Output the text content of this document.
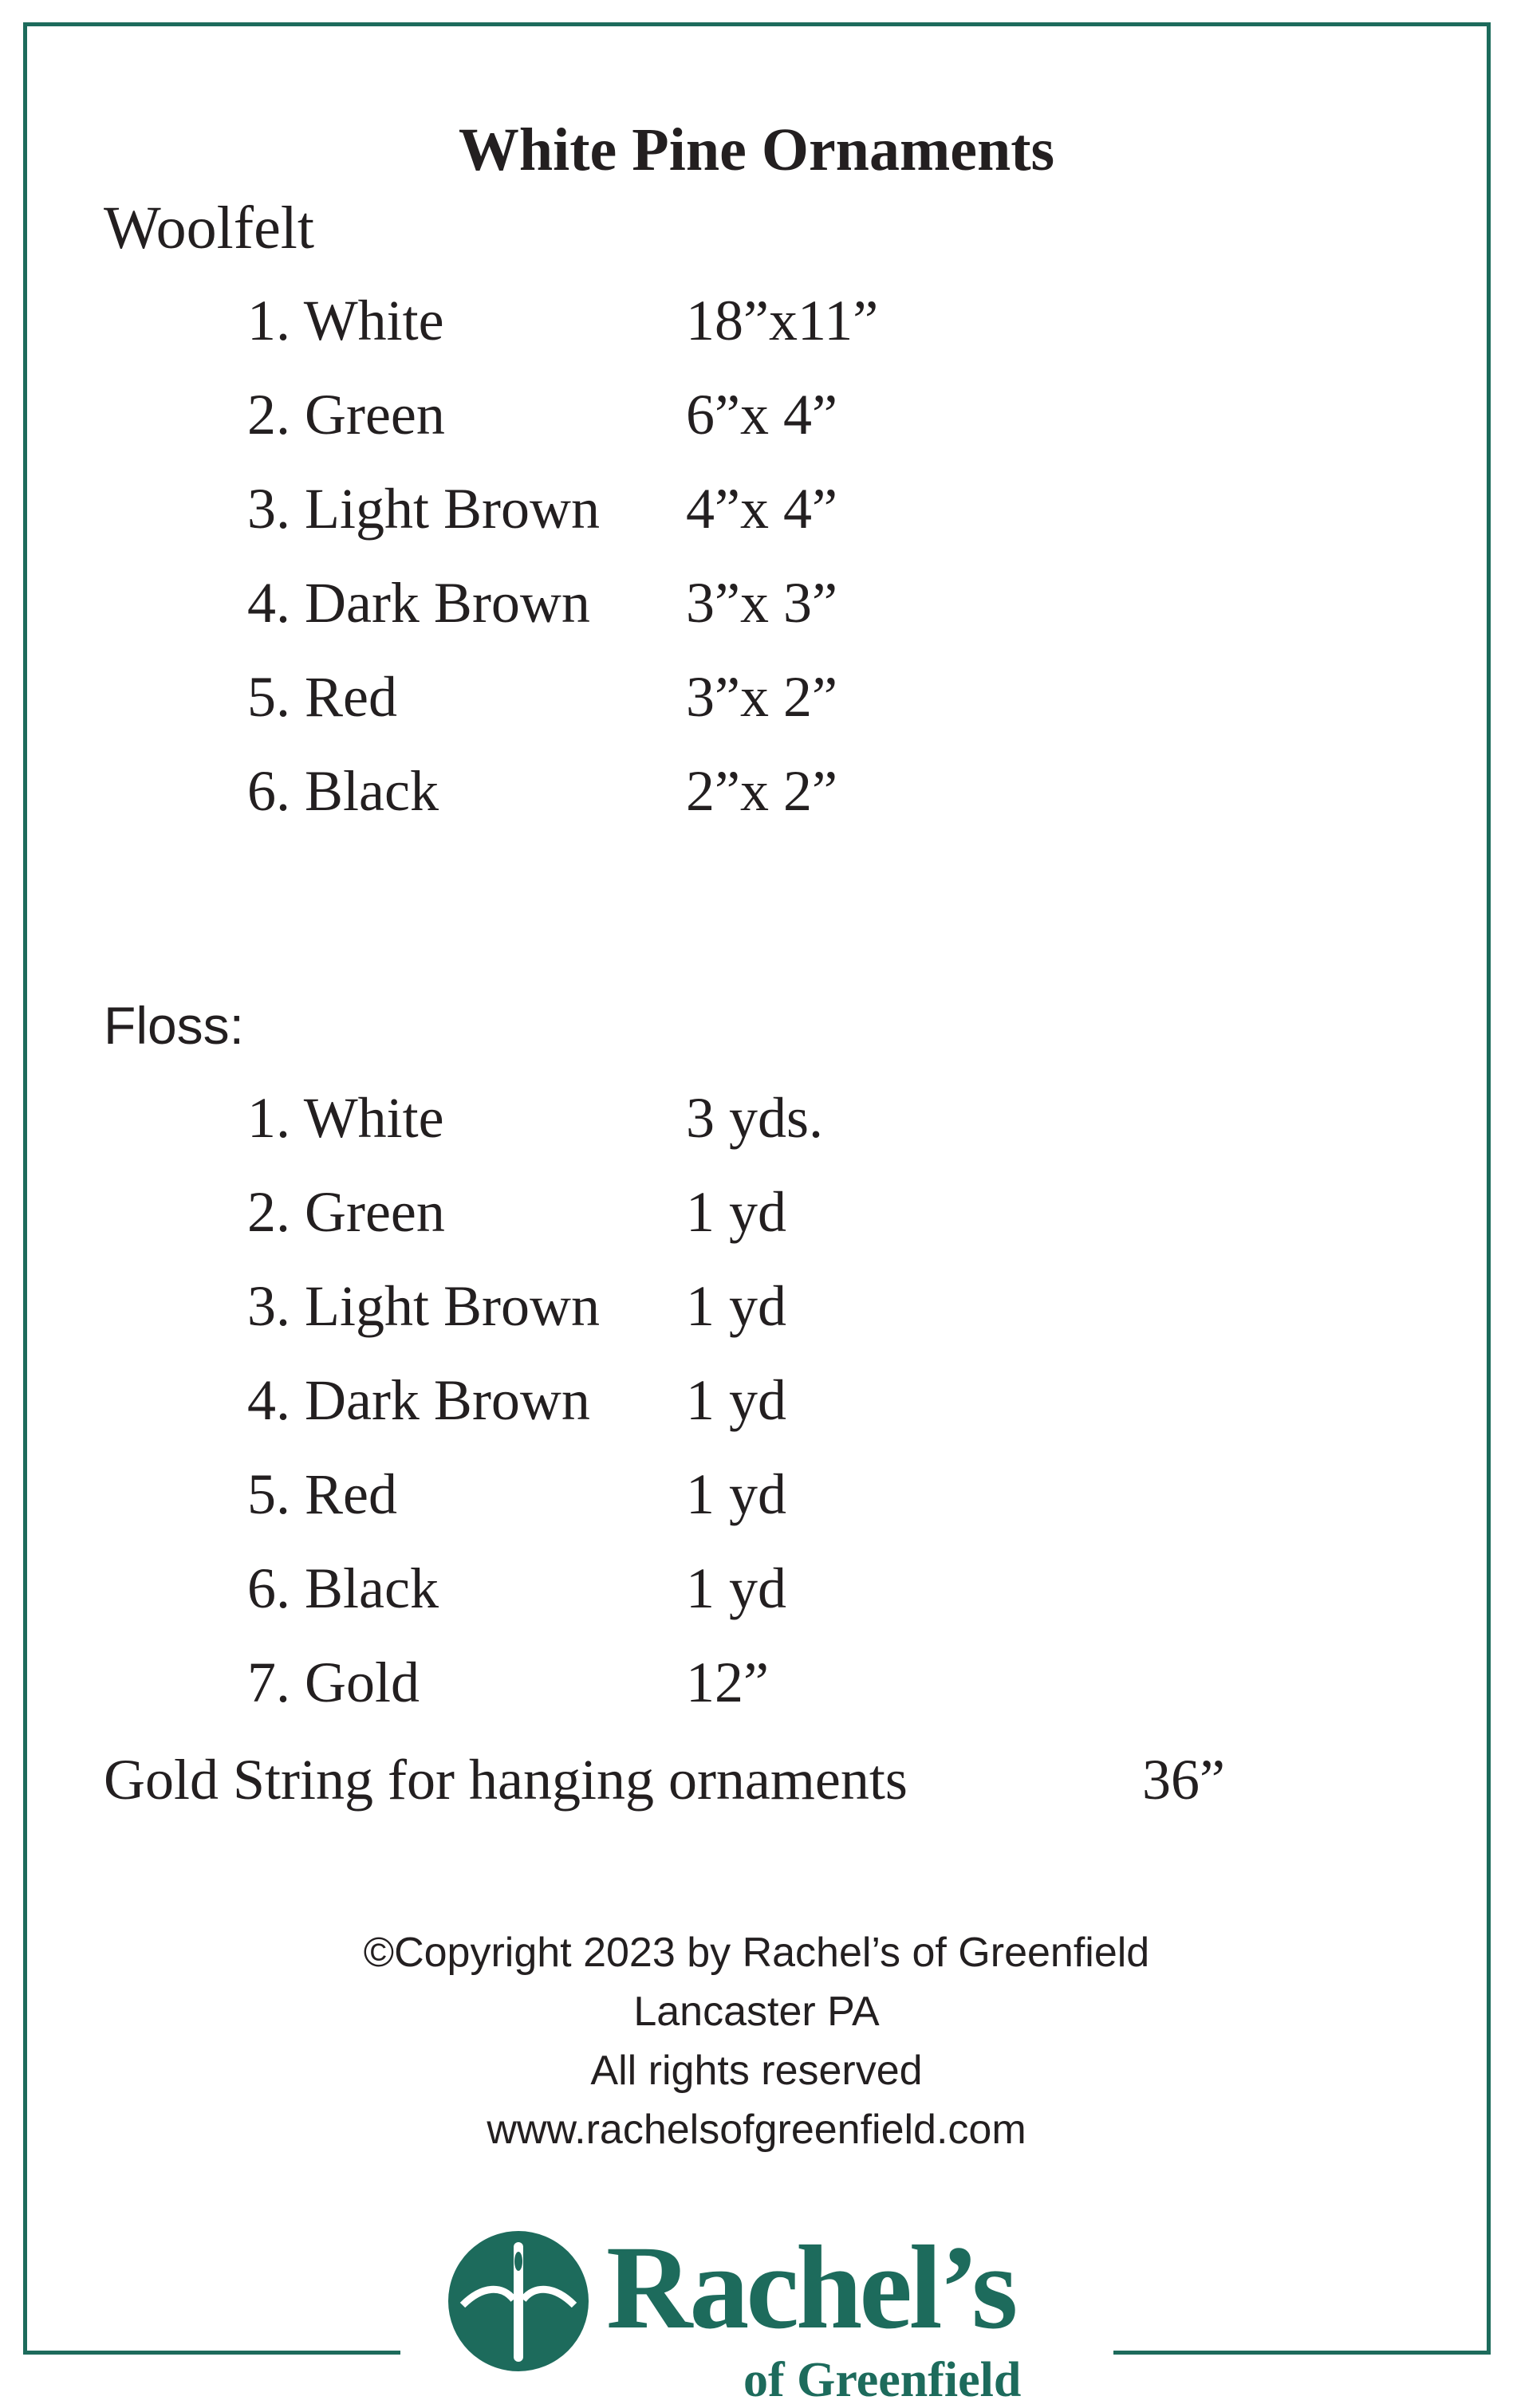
White Pine Ornaments
Woolfelt
1. White	18”x11”
2. Green	6”x 4”
3. Light Brown 4”x 4”
4. Dark Brown 3”x 3”
5. Red	3”x 2”
6. Black	2”x 2”
Floss:
1. White	3 yds.
2. Green	1 yd
3. Light Brown 1 yd
4. Dark Brown 1 yd
5. Red	1 yd
6. Black	1 yd
7. Gold	12”
Gold String for hanging ornaments	36”
©Copyright 2023 by Rachel’s of Greenfield
Lancaster PA
All rights reserved
www.rachelsofgreenfield.com
Rachel’s
of Greenfield
